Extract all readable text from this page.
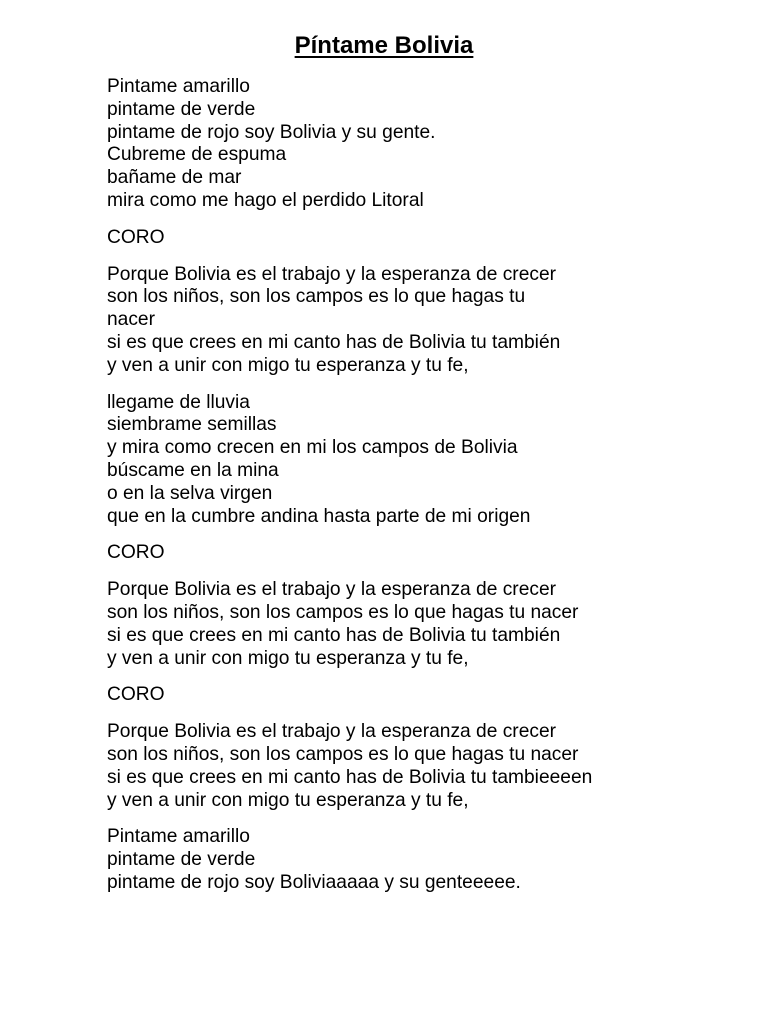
Píntame Bolivia
Pintame amarillo
pintame de verde
pintame de rojo soy Bolivia y su gente.
Cubreme de espuma
bañame de mar
mira como me hago el perdido Litoral
CORO
Porque Bolivia es el trabajo y la esperanza de crecer
son los niños, son los campos es lo que hagas tu
nacer
si es que crees en mi canto has de Bolivia tu también
y ven a unir con migo tu esperanza y tu fe,
llegame de lluvia
siembrame semillas
y mira como crecen en mi los campos de Bolivia
búscame en la mina
o en la selva virgen
que en la cumbre andina hasta parte de mi origen
CORO
Porque Bolivia es el trabajo y la esperanza de crecer
son los niños, son los campos es lo que hagas tu nacer
si es que crees en mi canto has de Bolivia tu también
y ven a unir con migo tu esperanza y tu fe,
CORO
Porque Bolivia es el trabajo y la esperanza de crecer
son los niños, son los campos es lo que hagas tu nacer
si es que crees en mi canto has de Bolivia tu tambieeeen
y ven a unir con migo tu esperanza y tu fe,
Pintame amarillo
pintame de verde
pintame de rojo soy Boliviaaaaa y su genteeeee.
